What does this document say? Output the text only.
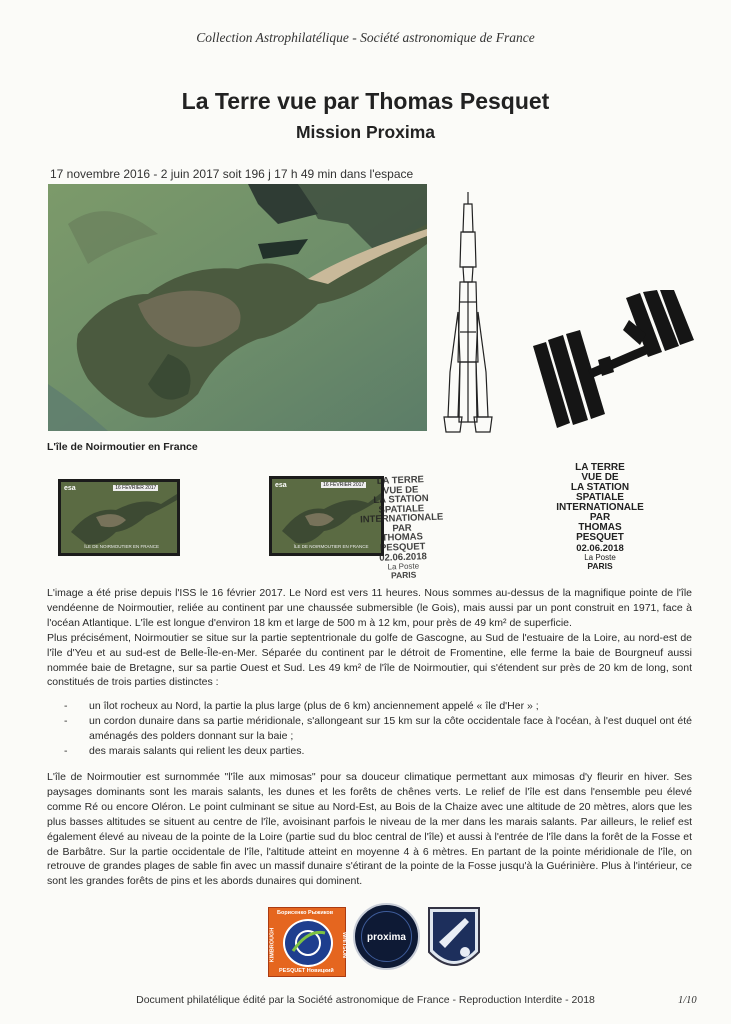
Collection Astrophilatélique - Société astronomique de France
La Terre vue par Thomas Pesquet
Mission Proxima
17 novembre 2016 - 2 juin 2017 soit 196 j 17 h 49 min dans l'espace
L'île de Noirmoutier en France
esa	16 FÉVRIER 2017
ÎLE DE NOIRMOUTIER EN FRANCE
esa	16 FÉVRIER 2017
ÎLE DE NOIRMOUTIER EN FRANCE
LA TERRE
VUE DE
LA STATION
SPATIALE
INTERNATIONALE
PAR
THOMAS
PESQUET
02.06.2018
La Poste
PARIS
LA TERRE
VUE DE
LA STATION
SPATIALE
INTERNATIONALE
PAR
THOMAS
PESQUET
02.06.2018
La Poste
PARIS

L'image a été prise depuis l'ISS le 16 février 2017. Le Nord est vers 11 heures. Nous sommes au-dessus de la magnifique pointe de l'île vendéenne de Noirmoutier, reliée au continent par une chaussée submersible (le Gois), mais aussi par un pont construit en 1971, face à l'océan Atlantique. L'île est longue d'environ 18 km et large de 500 m à 12 km, pour près de 49 km² de superficie.

Plus précisément, Noirmoutier se situe sur la partie septentrionale du golfe de Gascogne, au Sud de l'estuaire de la Loire, au nord-est de l'île d'Yeu et au sud-est de Belle-Île-en-Mer. Séparée du continent par le détroit de Fromentine, elle ferme la baie de Bourgneuf aussi nommée baie de Bretagne, sur sa partie Ouest et Sud. Les 49 km² de l'île de Noirmoutier, qui s'étendent sur près de 20 km de long, sont constitués de trois parties distinctes :

-	un îlot rocheux au Nord, la partie la plus large (plus de 6 km) anciennement appelé « île d'Her » ;
-	un cordon dunaire dans sa partie méridionale, s'allongeant sur 15 km sur la côte occidentale face à l'océan, à l'est duquel ont été aménagés des polders donnant sur la baie ;
-	des marais salants qui relient les deux parties.
L'île de Noirmoutier est surnommée "l'île aux mimosas" pour sa douceur climatique permettant aux mimosas d'y fleurir en hiver. Ses paysages dominants sont les marais salants, les dunes et les forêts de chênes verts. Le relief de l'île est dans l'ensemble peu élevé comme Ré ou encore Oléron. Le point culminant se situe au Nord-Est, au Bois de la Chaize avec une altitude de 20 mètres, alors que les plus basses altitudes se situent au centre de l'île, avoisinant parfois le niveau de la mer dans les marais salants. Par ailleurs, le relief est également élevé au niveau de la pointe de la Loire (partie sud du bloc central de l'île) et aussi à l'entrée de l'île dans la forêt de la Fosse et de Barbâtre. Sur la partie occidentale de l'île, l'altitude atteint en moyenne 4 à 6 mètres. En partant de la pointe méridionale de l'île, on retrouve de grandes plages de sable fin avec un massif dunaire s'étirant de la pointe de la Fosse jusqu'à la Guérinière. Plus à l'intérieur, ce sont les grandes forêts de pins et les abords dunaires qui dominent.
Борисенко Рыжиков
PESQUET Новицкий
KIMBROUGH	WHITSON	proxima
Document philatélique édité par la Société astronomique de France - Reproduction Interdite - 2018	1/10
